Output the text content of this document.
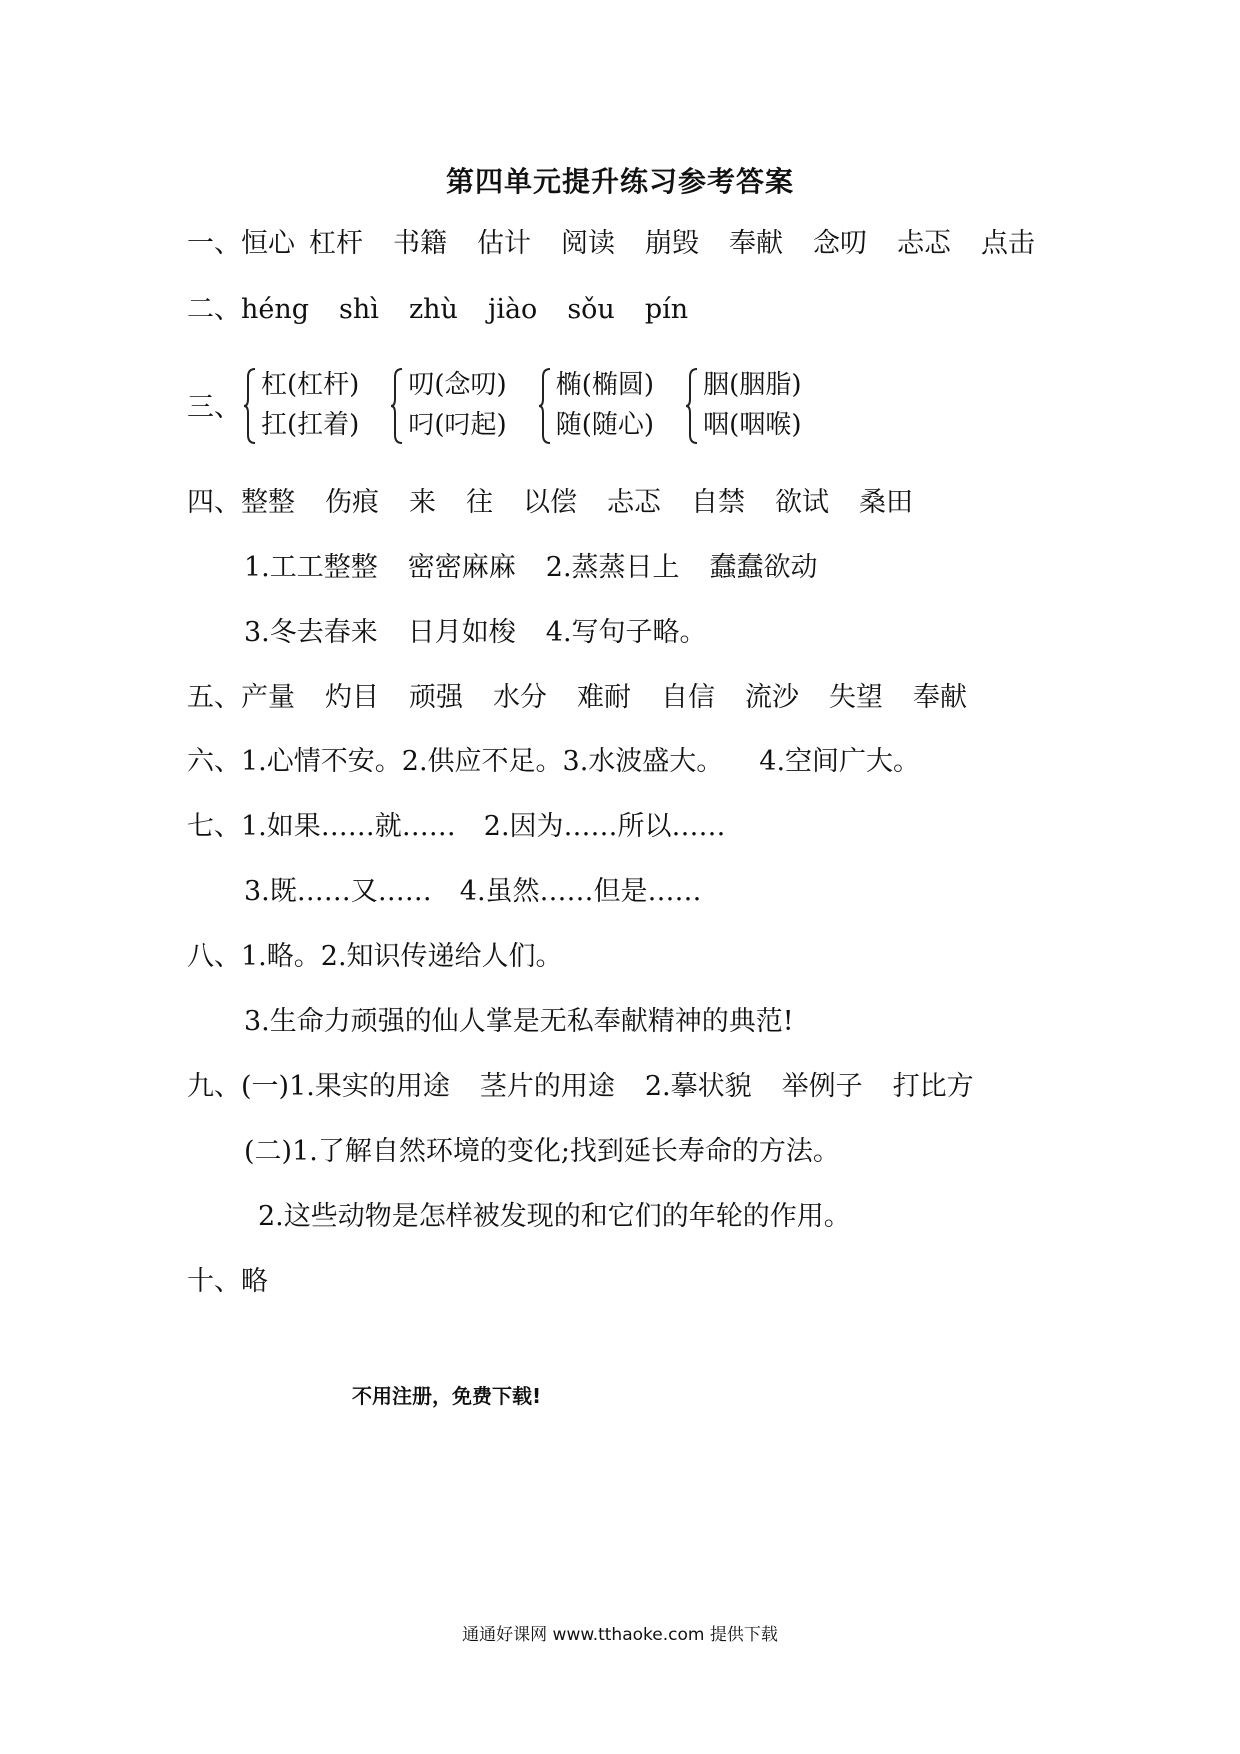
第四单元提升练习参考答案
一、恒心 杠杆 书籍 估计 阅读 崩毁 奉献 念叨 忐忑 点击
二、héng shì zhù jiào sǒu pín
三、
杠(杠杆)
扛(扛着)

叨(念叨)
叼(叼起)

椭(椭圆)
随(随心)

胭(胭脂)
咽(咽喉)
四、整整 伤痕 来 往 以偿 忐忑 自禁 欲试 桑田
1.工工整整 密密麻麻 2.蒸蒸日上 蠢蠢欲动
3.冬去春来 日月如梭 4.写句子略。
五、产量 灼目 顽强 水分 难耐 自信 流沙 失望 奉献
六、1.心情不安。2.供应不足。3.水波盛大。 4.空间广大。
七、1.如果……就…… 2.因为……所以……
3.既……又…… 4.虽然……但是……
八、1.略。2.知识传递给人们。
3.生命力顽强的仙人掌是无私奉献精神的典范!
九、(一)1.果实的用途 茎片的用途 2.摹状貌 举例子 打比方
(二)1.了解自然环境的变化;找到延长寿命的方法。
2.这些动物是怎样被发现的和它们的年轮的作用。
十、略
不用注册，免费下载!
通通好课网 www.tthaoke.com 提供下载
